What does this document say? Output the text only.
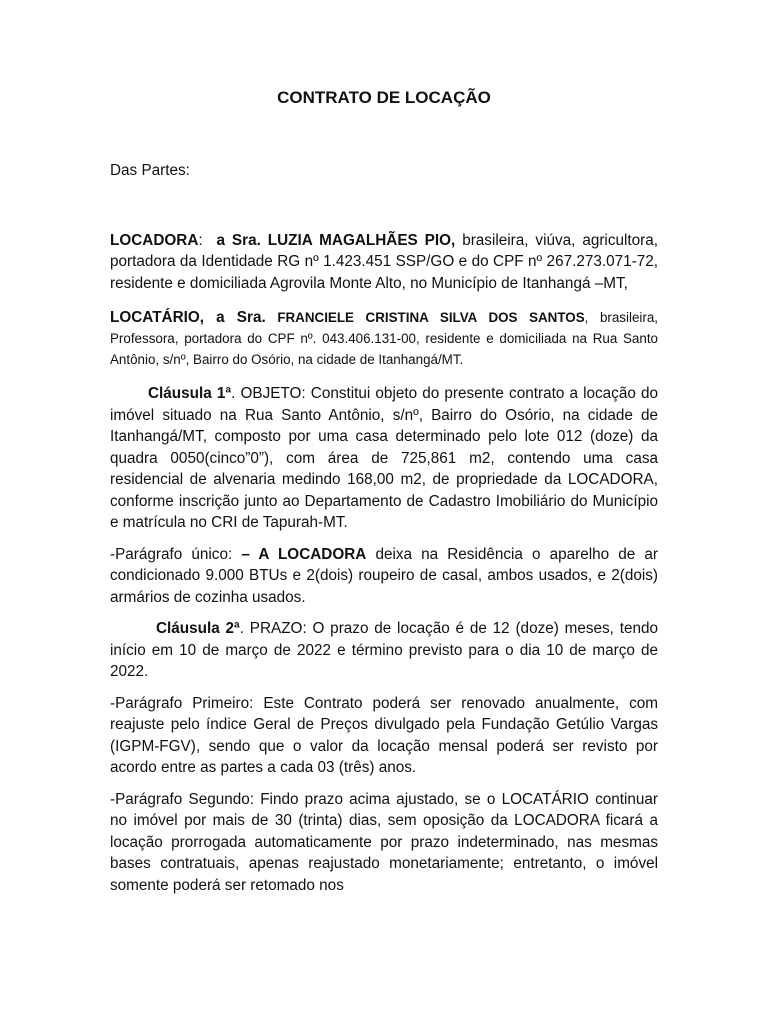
CONTRATO DE LOCAÇÃO

Das Partes:

LOCADORA:  a Sra. LUZIA MAGALHÃES PIO, brasileira, viúva, agricultora, portadora da Identidade RG nº 1.423.451 SSP/GO e do CPF nº 267.273.071-72, residente e domiciliada Agrovila Monte Alto, no Município de Itanhangá –MT,

LOCATÁRIO, a Sra. FRANCIELE CRISTINA SILVA DOS SANTOS, brasileira, Professora, portadora do CPF nº. 043.406.131-00, residente e domiciliada na Rua Santo Antônio, s/nº, Bairro do Osório, na cidade de Itanhangá/MT.

Cláusula 1ª. OBJETO: Constitui objeto do presente contrato a locação do imóvel situado na Rua Santo Antônio, s/nº, Bairro do Osório, na cidade de Itanhangá/MT, composto por uma casa determinado pelo lote 012 (doze) da quadra 0050(cinco”0”), com área de 725,861 m2, contendo uma casa residencial de alvenaria medindo 168,00 m2, de propriedade da LOCADORA, conforme inscrição junto ao Departamento de Cadastro Imobiliário do Município e matrícula no CRI de Tapurah-MT.

-Parágrafo único: – A LOCADORA deixa na Residência o aparelho de ar condicionado 9.000 BTUs e 2(dois) roupeiro de casal, ambos usados, e 2(dois) armários de cozinha usados.

Cláusula 2ª. PRAZO: O prazo de locação é de 12 (doze) meses, tendo início em 10 de março de 2022 e término previsto para o dia 10 de março de 2022.

-Parágrafo Primeiro: Este Contrato poderá ser renovado anualmente, com reajuste pelo índice Geral de Preços divulgado pela Fundação Getúlio Vargas (IGPM-FGV), sendo que o valor da locação mensal poderá ser revisto por acordo entre as partes a cada 03 (três) anos.

-Parágrafo Segundo: Findo prazo acima ajustado, se o LOCATÁRIO continuar no imóvel por mais de 30 (trinta) dias, sem oposição da LOCADORA ficará a locação prorrogada automaticamente por prazo indeterminado, nas mesmas bases contratuais, apenas reajustado monetariamente; entretanto, o imóvel somente poderá ser retomado nos
